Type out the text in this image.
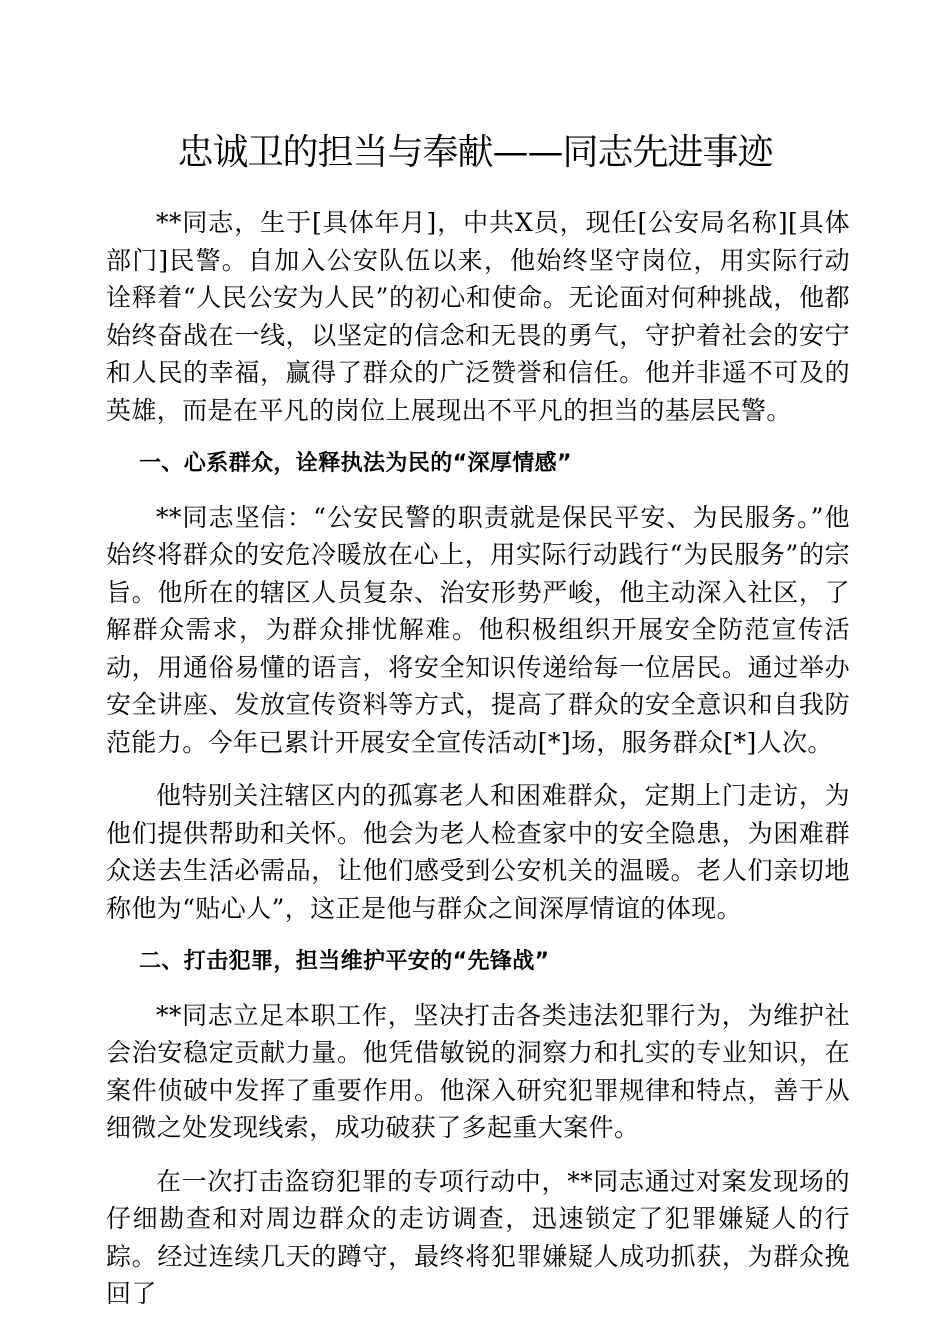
忠诚卫的担当与奉献——同志先进事迹

**同志，生于[具体年月]，中共X员，现任[公安局名称][具体部门]民警。自加入公安队伍以来，他始终坚守岗位，用实际行动诠释着“人民公安为人民”的初心和使命。无论面对何种挑战，他都始终奋战在一线，以坚定的信念和无畏的勇气，守护着社会的安宁和人民的幸福，赢得了群众的广泛赞誉和信任。他并非遥不可及的英雄，而是在平凡的岗位上展现出不平凡的担当的基层民警。

一、心系群众，诠释执法为民的“深厚情感”

**同志坚信：“公安民警的职责就是保民平安、为民服务。”他始终将群众的安危冷暖放在心上，用实际行动践行“为民服务”的宗旨。他所在的辖区人员复杂、治安形势严峻，他主动深入社区，了解群众需求，为群众排忧解难。他积极组织开展安全防范宣传活动，用通俗易懂的语言，将安全知识传递给每一位居民。通过举办安全讲座、发放宣传资料等方式，提高了群众的安全意识和自我防范能力。今年已累计开展安全宣传活动[*]场，服务群众[*]人次。

他特别关注辖区内的孤寡老人和困难群众，定期上门走访，为他们提供帮助和关怀。他会为老人检查家中的安全隐患，为困难群众送去生活必需品，让他们感受到公安机关的温暖。老人们亲切地称他为“贴心人”，这正是他与群众之间深厚情谊的体现。

二、打击犯罪，担当维护平安的“先锋战”

**同志立足本职工作，坚决打击各类违法犯罪行为，为维护社会治安稳定贡献力量。他凭借敏锐的洞察力和扎实的专业知识，在案件侦破中发挥了重要作用。他深入研究犯罪规律和特点，善于从细微之处发现线索，成功破获了多起重大案件。

在一次打击盗窃犯罪的专项行动中，**同志通过对案发现场的仔细勘查和对周边群众的走访调查，迅速锁定了犯罪嫌疑人的行踪。经过连续几天的蹲守，最终将犯罪嫌疑人成功抓获，为群众挽回了
